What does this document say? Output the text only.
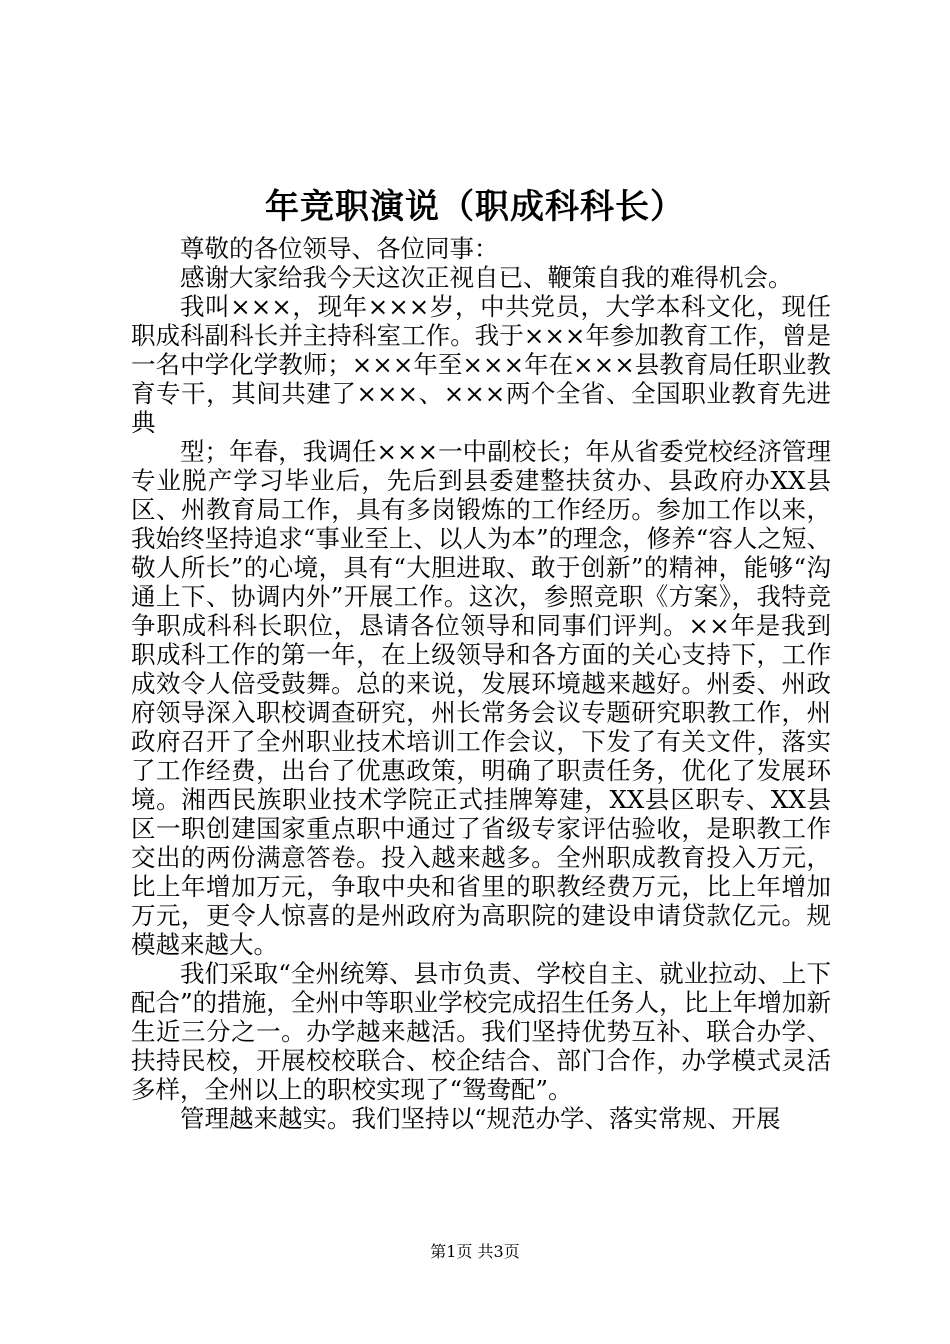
年竞职演说（职成科科长）

尊敬的各位领导、各位同事：

感谢大家给我今天这次正视自已、鞭策自我的难得机会。

我叫×××，现年×××岁，中共党员，大学本科文化，现任职成科副科长并主持科室工作。我于×××年参加教育工作，曾是一名中学化学教师；×××年至×××年在×××县教育局任职业教育专干，其间共建了×××、×××两个全省、全国职业教育先进典

型；年春，我调任×××一中副校长；年从省委党校经济管理专业脱产学习毕业后，先后到县委建整扶贫办、县政府办XX县区、州教育局工作，具有多岗锻炼的工作经历。参加工作以来，我始终坚持追求“事业至上、以人为本”的理念，修养“容人之短、敬人所长”的心境，具有“大胆进取、敢于创新”的精神，能够“沟通上下、协调内外”开展工作。这次，参照竞职《方案》，我特竞争职成科科长职位，恳请各位领导和同事们评判。××年是我到职成科工作的第一年，在上级领导和各方面的关心支持下，工作成效令人倍受鼓舞。总的来说，发展环境越来越好。州委、州政府领导深入职校调查研究，州长常务会议专题研究职教工作，州政府召开了全州职业技术培训工作会议，下发了有关文件，落实了工作经费，出台了优惠政策，明确了职责任务，优化了发展环境。湘西民族职业技术学院正式挂牌筹建，XX县区职专、XX县区一职创建国家重点职中通过了省级专家评估验收，是职教工作交出的两份满意答卷。投入越来越多。全州职成教育投入万元，比上年增加万元，争取中央和省里的职教经费万元，比上年增加万元，更令人惊喜的是州政府为高职院的建设申请贷款亿元。规模越来越大。

我们采取“全州统筹、县市负责、学校自主、就业拉动、上下配合”的措施，全州中等职业学校完成招生任务人，比上年增加新生近三分之一。办学越来越活。我们坚持优势互补、联合办学、扶持民校，开展校校联合、校企结合、部门合作，办学模式灵活多样，全州以上的职校实现了“鸳鸯配”。

管理越来越实。我们坚持以“规范办学、落实常规、开展

第1页 共3页
